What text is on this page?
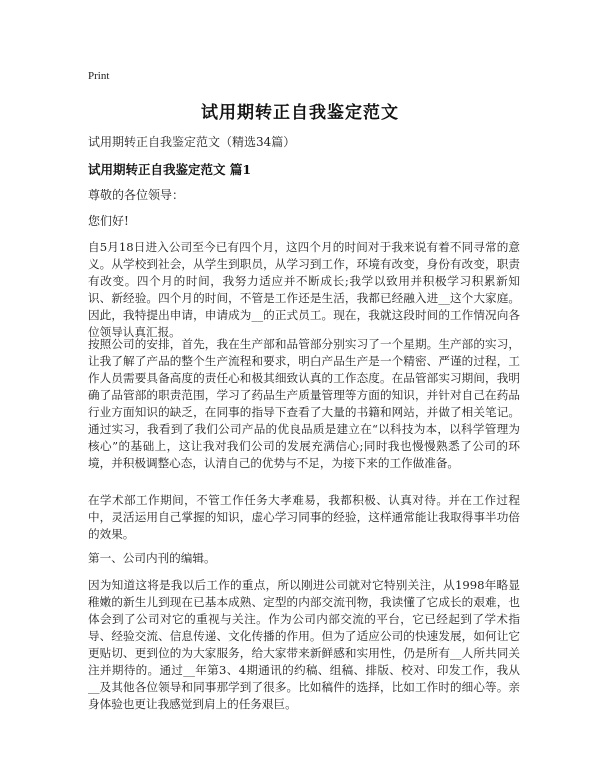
Print
试用期转正自我鉴定范文
试用期转正自我鉴定范文（精选34篇）
试用期转正自我鉴定范文 篇1
尊敬的各位领导：
您们好!

自5月18日进入公司至今已有四个月，这四个月的时间对于我来说有着不同寻常的意义。从学校到社会，从学生到职员，从学习到工作，环境有改变，身份有改变，职责有改变。四个月的时间，我努力适应并不断成长;我学以致用并积极学习积累新知识、新经验。四个月的时间，不管是工作还是生活，我都已经融入进__这个大家庭。因此，我特提出申请，申请成为__的正式员工。现在，我就这段时间的工作情况向各位领导认真汇报。

按照公司的安排，首先，我在生产部和品管部分别实习了一个星期。生产部的实习，让我了解了产品的整个生产流程和要求，明白产品生产是一个精密、严谨的过程，工作人员需要具备高度的责任心和极其细致认真的工作态度。在品管部实习期间，我明确了品管部的职责范围，学习了药品生产质量管理等方面的知识，并针对自己在药品行业方面知识的缺乏，在同事的指导下查看了大量的书籍和网站，并做了相关笔记。通过实习，我看到了我们公司产品的优良品质是建立在“以科技为本，以科学管理为核心”的基础上，这让我对我们公司的发展充满信心;同时我也慢慢熟悉了公司的环境，并积极调整心态，认清自己的优势与不足，为接下来的工作做准备。

在学术部工作期间，不管工作任务大孝难易，我都积极、认真对待。并在工作过程中，灵活运用自己掌握的知识，虚心学习同事的经验，这样通常能让我取得事半功倍的效果。

第一、公司内刊的编辑。

因为知道这将是我以后工作的重点，所以刚进公司就对它特别关注，从1998年略显稚嫩的新生儿到现在已基本成熟、定型的内部交流刊物，我读懂了它成长的艰难，也体会到了公司对它的重视与关注。作为公司内部交流的平台，它已经起到了学术指导、经验交流、信息传递、文化传播的作用。但为了适应公司的快速发展，如何让它更贴切、更到位的为大家服务，给大家带来新鲜感和实用性，仍是所有__人所共同关注并期待的。通过__年第3、4期通讯的约稿、组稿、排版、校对、印发工作，我从__及其他各位领导和同事那学到了很多。比如稿件的选择，比如工作时的细心等。亲身体验也更让我感觉到肩上的任务艰巨。
